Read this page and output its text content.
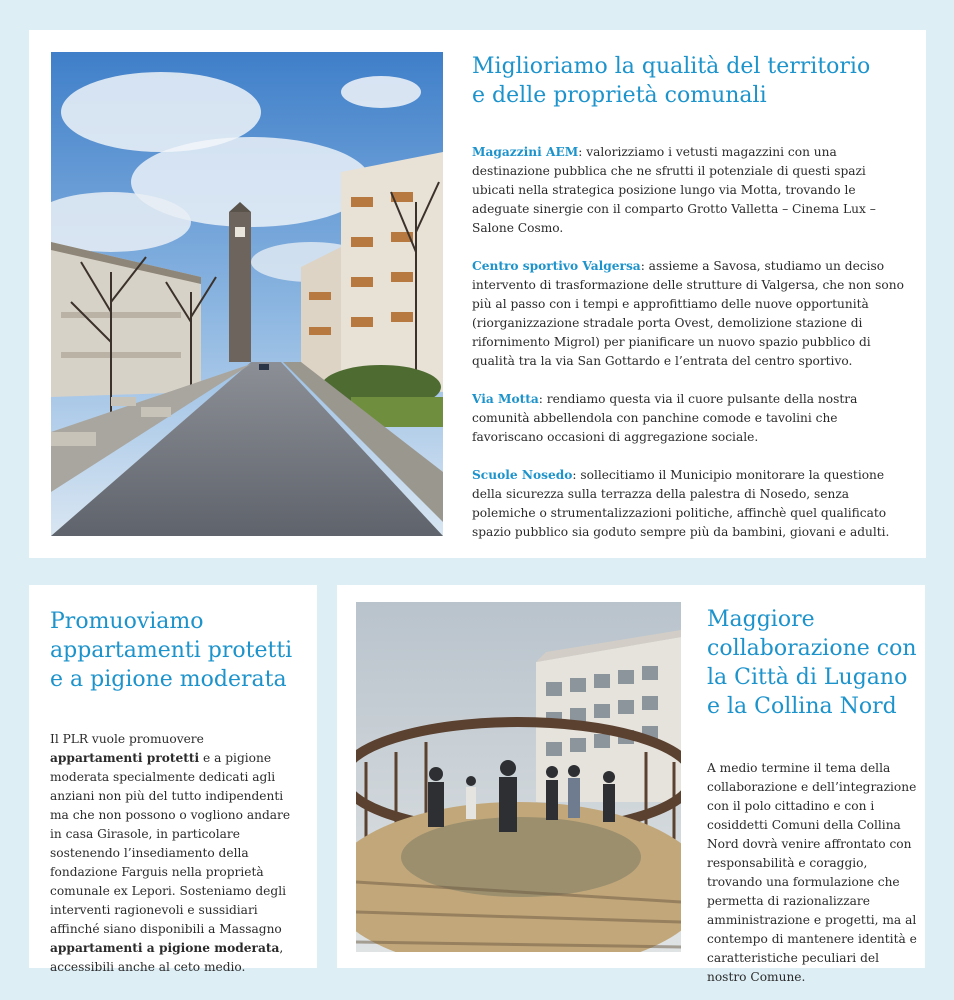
Miglioriamo la qualità del territorio
e delle proprietà comunali

Magazzini AEM: valorizziamo i vetusti magazzini con una destinazione pubblica che ne sfrutti il potenziale di questi spazi ubicati nella strategica posizione lungo via Motta, trovando le adeguate sinergie con il comparto Grotto Valletta – Cinema Lux – Salone Cosmo.

Centro sportivo Valgersa: assieme a Savosa, studiamo un deciso intervento di trasformazione delle strutture di Valgersa, che non sono più al passo con i tempi e approfittiamo delle nuove opportunità (riorganizzazione stradale porta Ovest, demolizione stazione di rifornimento Migrol) per pianificare un nuovo spazio pubblico di qualità tra la via San Gottardo e l’entrata del centro sportivo.

Via Motta: rendiamo questa via il cuore pulsante della nostra comunità abbellendola con panchine comode e tavolini che favoriscano occasioni di aggregazione sociale.

Scuole Nosedo: sollecitiamo il Municipio monitorare la questione della sicurezza sulla terrazza della palestra di Nosedo, senza polemiche o strumentalizzazioni politiche, affinchè quel qualificato spazio pubblico sia goduto sempre più da bambini, giovani e adulti.

Promuoviamo
appartamenti protetti
e a pigione moderata

Il PLR vuole promuovere appartamenti protetti e a pigione moderata specialmente dedicati agli anziani non più del tutto indipendenti ma che non possono o vogliono andare in casa Girasole, in particolare sostenendo l’insediamento della fondazione Farguis nella proprietà comunale ex Lepori. Sosteniamo degli interventi ragionevoli e sussidiari affinché siano disponibili a Massagno appartamenti a pigione moderata, accessibili anche al ceto medio.

Maggiore
collaborazione con
la Città di Lugano
e la Collina Nord

A medio termine il tema della collaborazione e dell’integrazione con il polo cittadino e con i cosiddetti Comuni della Collina Nord dovrà venire affrontato con responsabilità e coraggio, trovando una formulazione che permetta di razionalizzare amministrazione e progetti, ma al contempo di mantenere identità e caratteristiche peculiari del nostro Comune.
